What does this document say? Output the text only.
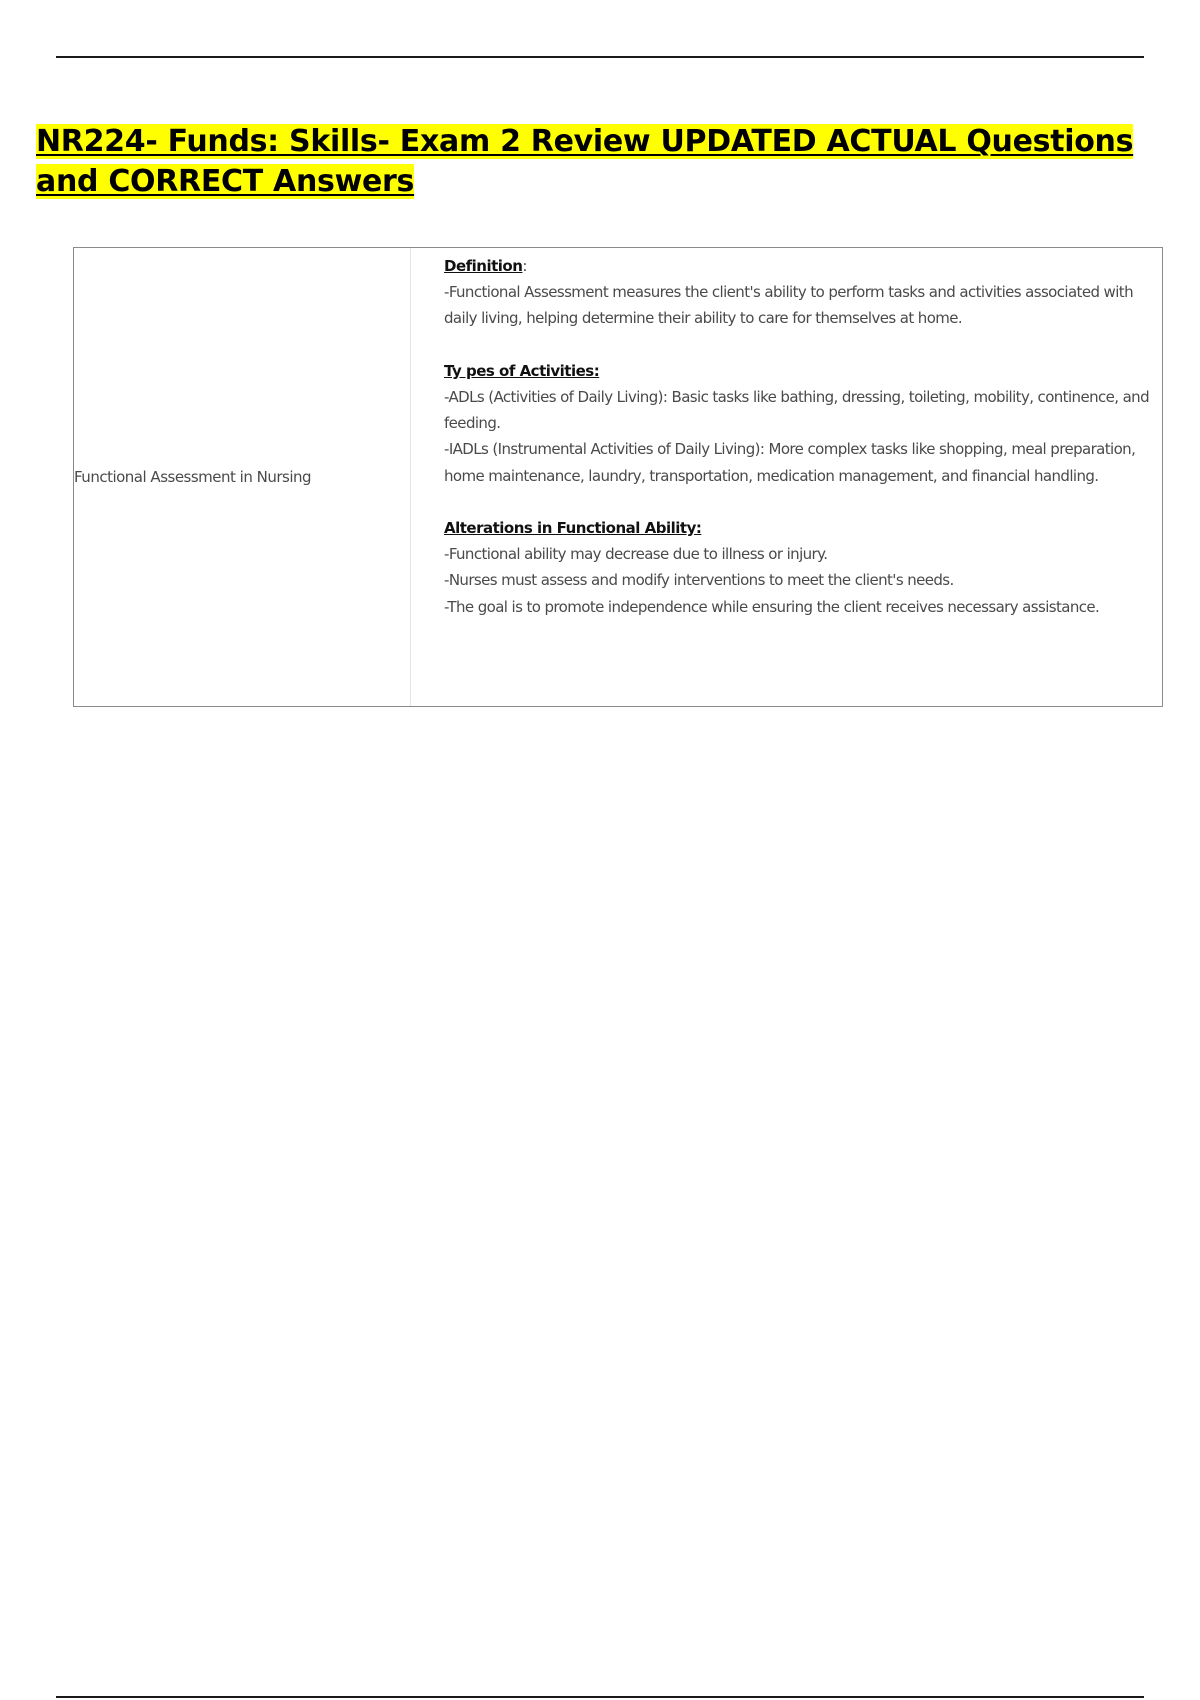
NR224- Funds: Skills- Exam 2 Review UPDATED ACTUAL Questions and CORRECT Answers
Functional Assessment in Nursing

Definition:

-Functional Assessment measures the client's ability to perform tasks and activities associated with daily living, helping determine their ability to care for themselves at home.

Ty pes of Activities:

-ADLs (Activities of Daily Living): Basic tasks like bathing, dressing, toileting, mobility, continence, and feeding.

-IADLs (Instrumental Activities of Daily Living): More complex tasks like shopping, meal preparation, home maintenance, laundry, transportation, medication management, and financial handling.

Alterations in Functional Ability:

-Functional ability may decrease due to illness or injury.

-Nurses must assess and modify interventions to meet the client's needs.

-The goal is to promote independence while ensuring the client receives necessary assistance.
